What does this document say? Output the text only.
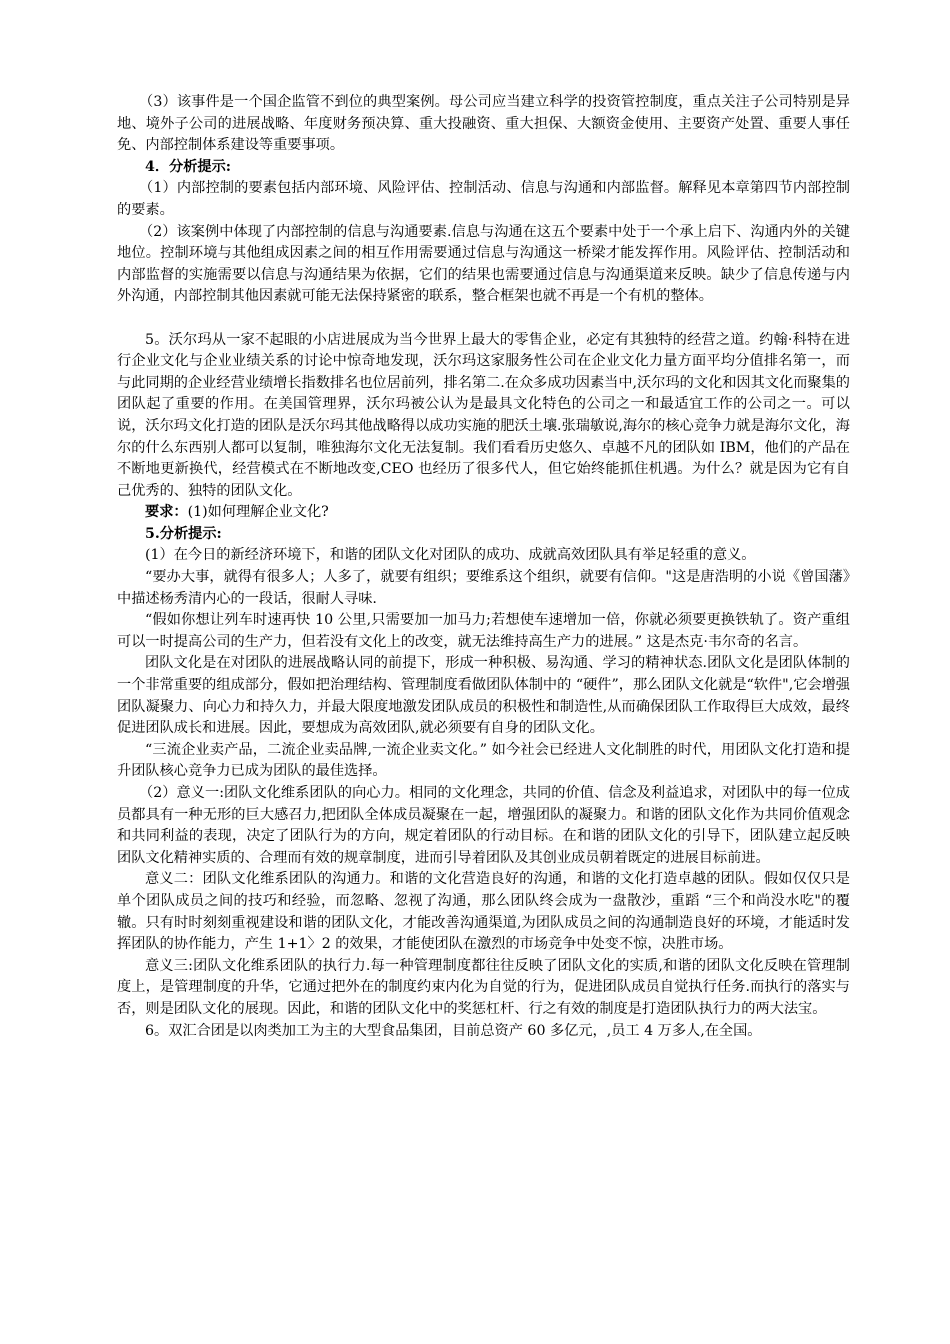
（3）该事件是一个国企监管不到位的典型案例。母公司应当建立科学的投资管控制度，重点关注子公司特别是异地、境外子公司的进展战略、年度财务预决算、重大投融资、重大担保、大额资金使用、主要资产处置、重要人事任免、内部控制体系建设等重要事项。

4．分析提示:

（1）内部控制的要素包括内部环境、风险评估、控制活动、信息与沟通和内部监督。解释见本章第四节内部控制的要素。

（2）该案例中体现了内部控制的信息与沟通要素.信息与沟通在这五个要素中处于一个承上启下、沟通内外的关键地位。控制环境与其他组成因素之间的相互作用需要通过信息与沟通这一桥梁才能发挥作用。风险评估、控制活动和内部监督的实施需要以信息与沟通结果为依据，它们的结果也需要通过信息与沟通渠道来反映。缺少了信息传递与内外沟通，内部控制其他因素就可能无法保持紧密的联系，整合框架也就不再是一个有机的整体。

5。沃尔玛从一家不起眼的小店进展成为当今世界上最大的零售企业，必定有其独特的经营之道。约翰·科特在进行企业文化与企业业绩关系的讨论中惊奇地发现，沃尔玛这家服务性公司在企业文化力量方面平均分值排名第一，而与此同期的企业经营业绩增长指数排名也位居前列，排名第二.在众多成功因素当中,沃尔玛的文化和因其文化而聚集的团队起了重要的作用。在美国管理界，沃尔玛被公认为是最具文化特色的公司之一和最适宜工作的公司之一。可以说，沃尔玛文化打造的团队是沃尔玛其他战略得以成功实施的肥沃土壤.张瑞敏说,海尔的核心竞争力就是海尔文化，海尔的什么东西别人都可以复制，唯独海尔文化无法复制。我们看看历史悠久、卓越不凡的团队如 IBM，他们的产品在不断地更新换代，经营模式在不断地改变,CEO 也经历了很多代人，但它始终能抓住机遇。为什么？就是因为它有自己优秀的、独特的团队文化。

要求：(1)如何理解企业文化?

5.分析提示:

(1）在今日的新经济环境下，和谐的团队文化对团队的成功、成就高效团队具有举足轻重的意义。

“要办大事，就得有很多人；人多了，就要有组织；要维系这个组织，就要有信仰。"这是唐浩明的小说《曾国藩》中描述杨秀清内心的一段话，很耐人寻味.

“假如你想让列车时速再快 10 公里,只需要加一加马力;若想使车速增加一倍，你就必须要更换铁轨了。资产重组可以一时提高公司的生产力，但若没有文化上的改变，就无法维持高生产力的进展。” 这是杰克·韦尔奇的名言。

团队文化是在对团队的进展战略认同的前提下，形成一种积极、易沟通、学习的精神状态.团队文化是团队体制的一个非常重要的组成部分，假如把治理结构、管理制度看做团队体制中的 “硬件”，那么团队文化就是“软件",它会增强团队凝聚力、向心力和持久力，并最大限度地激发团队成员的积极性和制造性,从而确保团队工作取得巨大成效，最终促进团队成长和进展。因此，要想成为高效团队,就必须要有自身的团队文化。

“三流企业卖产品，二流企业卖品牌,一流企业卖文化。” 如今社会已经进人文化制胜的时代，用团队文化打造和提升团队核心竞争力已成为团队的最佳选择。

（2）意义一:团队文化维系团队的向心力。相同的文化理念，共同的价值、信念及利益追求，对团队中的每一位成员都具有一种无形的巨大感召力,把团队全体成员凝聚在一起，增强团队的凝聚力。和谐的团队文化作为共同价值观念和共同利益的表现，决定了团队行为的方向，规定着团队的行动目标。在和谐的团队文化的引导下，团队建立起反映团队文化精神实质的、合理而有效的规章制度，进而引导着团队及其创业成员朝着既定的进展目标前进。

意义二：团队文化维系团队的沟通力。和谐的文化营造良好的沟通，和谐的文化打造卓越的团队。假如仅仅只是单个团队成员之间的技巧和经验，而忽略、忽视了沟通，那么团队终会成为一盘散沙，重蹈 “三个和尚没水吃"的覆辙。只有时时刻刻重视建设和谐的团队文化，才能改善沟通渠道,为团队成员之间的沟通制造良好的环境，才能适时发挥团队的协作能力，产生 1+1〉2 的效果，才能使团队在激烈的市场竞争中处变不惊，决胜市场。

意义三:团队文化维系团队的执行力.每一种管理制度都往往反映了团队文化的实质,和谐的团队文化反映在管理制度上，是管理制度的升华，它通过把外在的制度约束内化为自觉的行为，促进团队成员自觉执行任务.而执行的落实与否，则是团队文化的展现。因此，和谐的团队文化中的奖惩杠杆、行之有效的制度是打造团队执行力的两大法宝。

6。双汇合团是以肉类加工为主的大型食品集团，目前总资产 60 多亿元，,员工 4 万多人,在全国。
